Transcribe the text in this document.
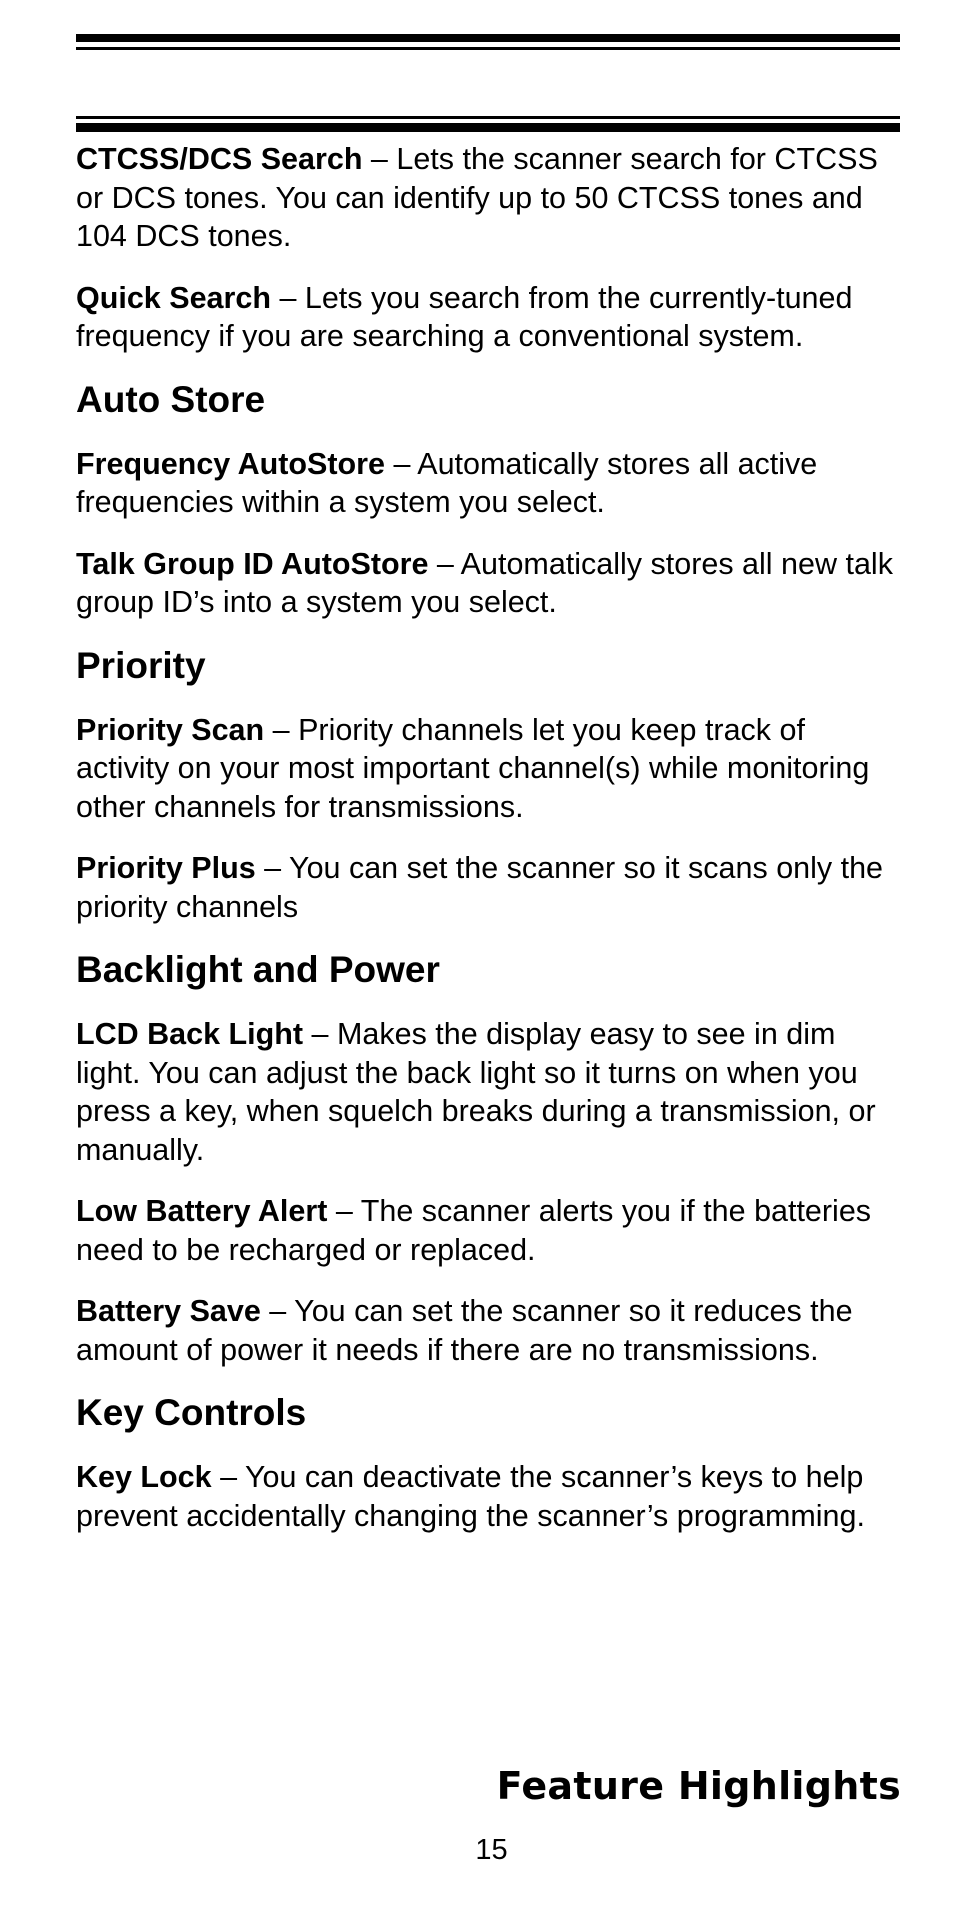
CTCSS/DCS Search – Lets the scanner search for CTCSS or DCS tones. You can identify up to 50 CTCSS tones and 104 DCS tones.

Quick Search – Lets you search from the currently-tuned frequency if you are searching a conventional system.

Auto Store

Frequency AutoStore – Automatically stores all active frequencies within a system you select.

Talk Group ID AutoStore – Automatically stores all new talk group ID’s into a system you select.

Priority

Priority Scan – Priority channels let you keep track of activity on your most important channel(s) while monitoring other channels for transmissions.

Priority Plus – You can set the scanner so it scans only the priority channels

Backlight and Power

LCD Back Light – Makes the display easy to see in dim light. You can adjust the back light so it turns on when you press a key, when squelch breaks during a transmission, or manually.

Low Battery Alert – The scanner alerts you if the batteries need to be recharged or replaced.

Battery Save – You can set the scanner so it reduces the amount of power it needs if there are no transmissions.

Key Controls

Key Lock – You can deactivate the scanner’s keys to help prevent accidentally changing the scanner’s programming.

Feature Highlights
15
